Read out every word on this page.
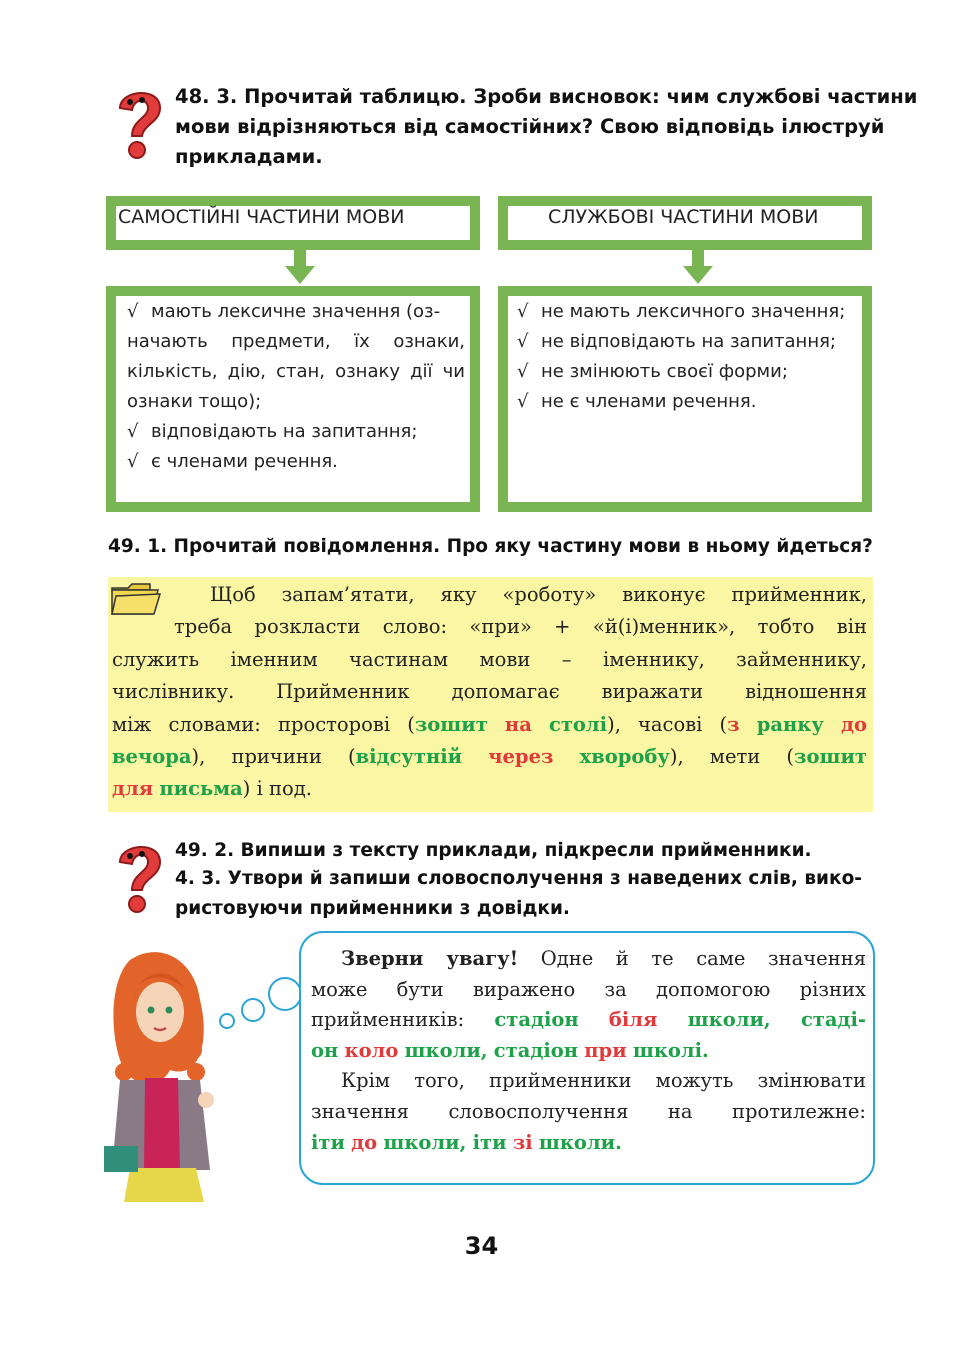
48. 3. Прочитай таблицю. Зроби висновок: чим службові частини
мови відрізняються від самостійних? Свою відповідь ілюструй
прикладами.
САМОСТІЙНІ ЧАСТИНИ МОВИ	СЛУЖБОВІ ЧАСТИНИ МОВИ
√ мають лексичне значення (оз-
начають предмети, їх ознаки,
кількість, дію, стан, ознаку дії чи
ознаки тощо);
√ відповідають на запитання;
√ є членами речення.
√ не мають лексичного значення;
√ не відповідають на запитання;
√ не змінюють своєї форми;
√ не є членами речення.
49. 1. Прочитай повідомлення. Про яку частину мови в ньому йдеться?
Щоб запам’ятати, яку «роботу» виконує прийменник,
треба розкласти слово: «при» + «й(і)менник», тобто він
служить іменним частинам мови – іменнику, займеннику,
числівнику. Прийменник допомагає виражати відношення
між словами: просторові (зошит на столі), часові (з ранку до
вечора), причини (відсутній через хворобу), мети (зошит
для письма) і под.
49. 2. Випиши з тексту приклади, підкресли прийменники.
4. 3. Утвори й запиши словосполучення з наведених слів, вико-
ристовуючи прийменники з довідки.
Зверни увагу! Одне й те саме значення
може бути виражено за допомогою різних
прийменників: стадіон біля школи, стаді-
он коло школи, стадіон при школі.
Крім того, прийменники можуть змінювати
значення словосполучення на протилежне:
іти до школи, іти зі школи.
34
